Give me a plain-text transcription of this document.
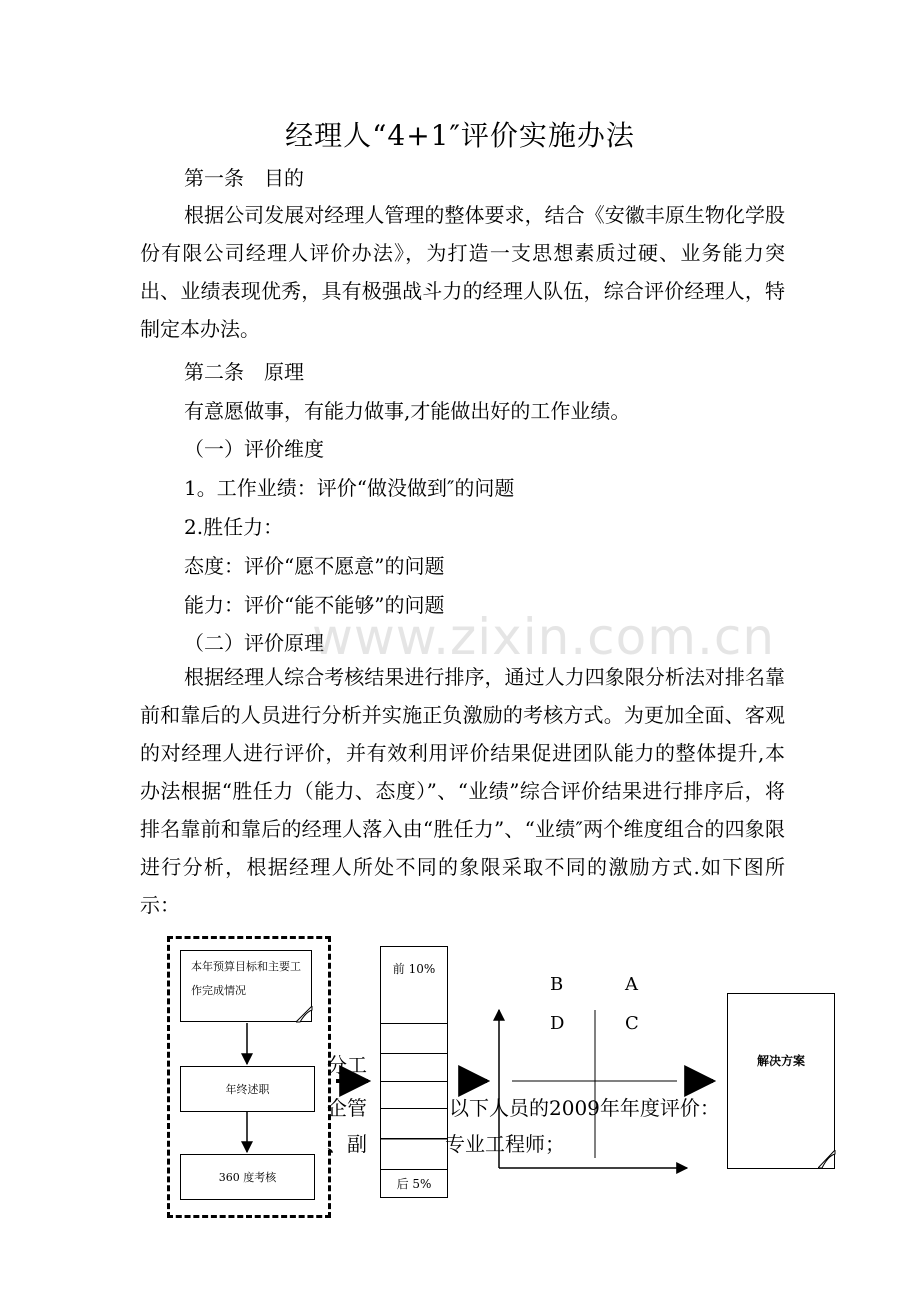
经理人“4+1″评价实施办法
第一条　目的

根据公司发展对经理人管理的整体要求，结合《安徽丰原生物化学股份有限公司经理人评价办法》，为打造一支思想素质过硬、业务能力突出、业绩表现优秀，具有极强战斗力的经理人队伍，综合评价经理人，特制定本办法。

第二条　原理
有意愿做事，有能力做事,才能做出好的工作业绩。
（一）评价维度
1。工作业绩：评价“做没做到″的问题
2.胜任力：
态度：评价“愿不愿意”的问题
能力：评价“能不能够”的问题
（二）评价原理

根据经理人综合考核结果进行排序，通过人力四象限分析法对排名靠前和靠后的人员进行分析并实施正负激励的考核方式。为更加全面、客观的对经理人进行评价，并有效利用评价结果促进团队能力的整体提升,本办法根据“胜任力（能力、态度）”、“业绩”综合评价结果进行排序后，将排名靠前和靠后的经理人落入由“胜任力”、“业绩″两个维度组合的四象限进行分析，根据经理人所处不同的象限采取不同的激励方式.如下图所示：

www.zixin.com.cn
分工
企管	以下人员的2009年年度评价：
、副	专业工程师；
本年预算目标和主要工作完成情况
年终述职
360 度考核
前 10%
后 5%
B	A
D	C
解决方案
